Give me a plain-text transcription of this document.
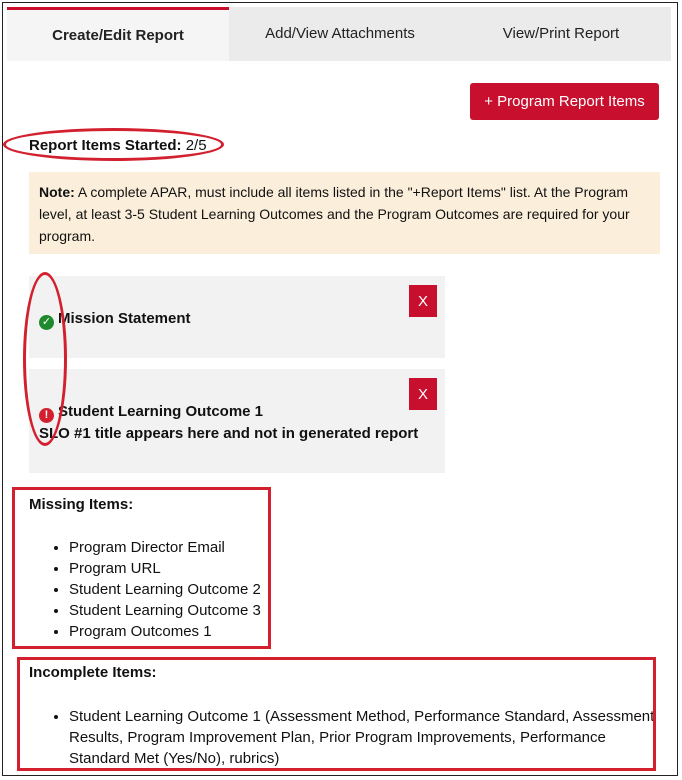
Create/Edit Report	Add/View Attachments	View/Print Report
+ Program Report Items
Report Items Started: 2/5
Note: A complete APAR, must include all items listed in the "+Report Items" list. At the Program level, at least 3-5 Student Learning Outcomes and the Program Outcomes are required for your program.
X
✓ Mission Statement
X
! Student Learning Outcome 1
SLO #1 title appears here and not in generated report
Missing Items:
• Program Director Email
• Program URL
• Student Learning Outcome 2
• Student Learning Outcome 3
• Program Outcomes 1
Incomplete Items:
• Student Learning Outcome 1 (Assessment Method, Performance Standard, Assessment Results, Program Improvement Plan, Prior Program Improvements, Performance Standard Met (Yes/No), rubrics)
